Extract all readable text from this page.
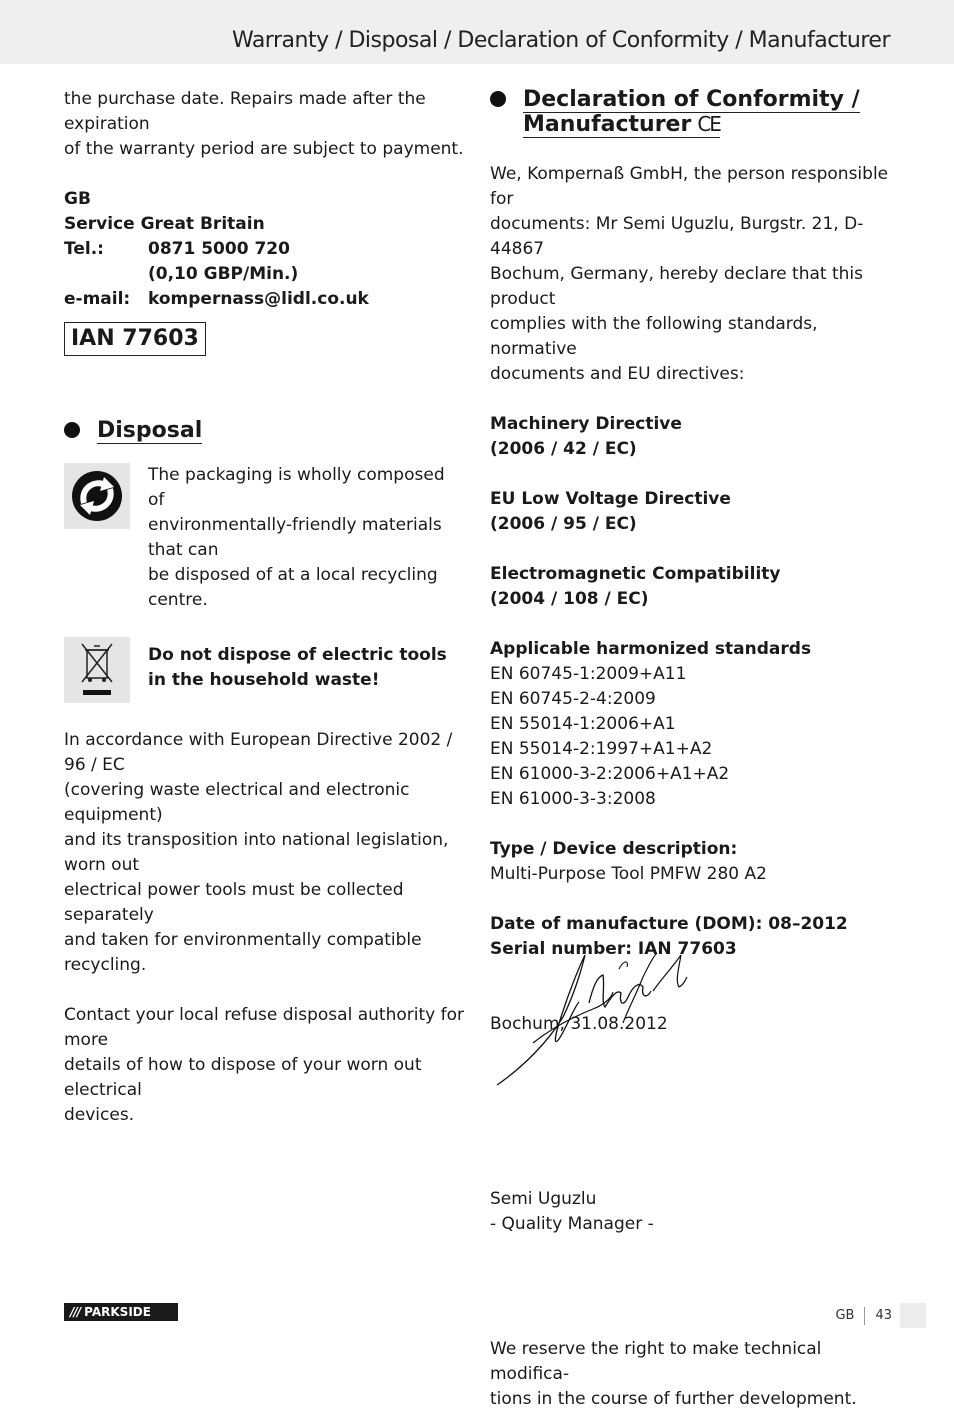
Warranty / Disposal / Declaration of Conformity / Manufacturer

the purchase date. Repairs made after the expiration

of the warranty period are subject to payment.

GB
Service Great Britain
Tel.:	0871 5000 720
(0,10 GBP/Min.)
e-mail:	kompernass@lidl.co.uk
IAN 77603
Disposal

The packaging is wholly composed of

environmentally-friendly materials that can

be disposed of at a local recycling centre.

Do not dispose of electric tools

in the household waste!

In accordance with European Directive 2002 / 96 / EC

(covering waste electrical and electronic equipment)

and its transposition into national legislation, worn out

electrical power tools must be collected separately

and taken for environmentally compatible recycling.

Contact your local refuse disposal authority for more

details of how to dispose of your worn out electrical

devices.

Declaration of Conformity /
Manufacturer CE

We, Kompernaß GmbH, the person responsible for

documents: Mr Semi Uguzlu, Burgstr. 21, D-44867

Bochum, Germany, hereby declare that this product

complies with the following standards, normative

documents and EU directives:

Machinery Directive

(2006 / 42 / EC)

EU Low Voltage Directive

(2006 / 95 / EC)

Electromagnetic Compatibility

(2004 / 108 / EC)

Applicable harmonized standards

EN 60745-1:2009+A11

EN 60745-2-4:2009

EN 55014-1:2006+A1

EN 55014-2:1997+A1+A2

EN 61000-3-2:2006+A1+A2

EN 61000-3-3:2008

Type / Device description:

Multi-Purpose Tool PMFW 280 A2

Date of manufacture (DOM): 08–2012

Serial number: IAN 77603

Bochum, 31.08.2012

Semi Uguzlu

- Quality Manager -

We reserve the right to make technical modifica-

tions in the course of further development.

/// PARKSIDE	GB 43
